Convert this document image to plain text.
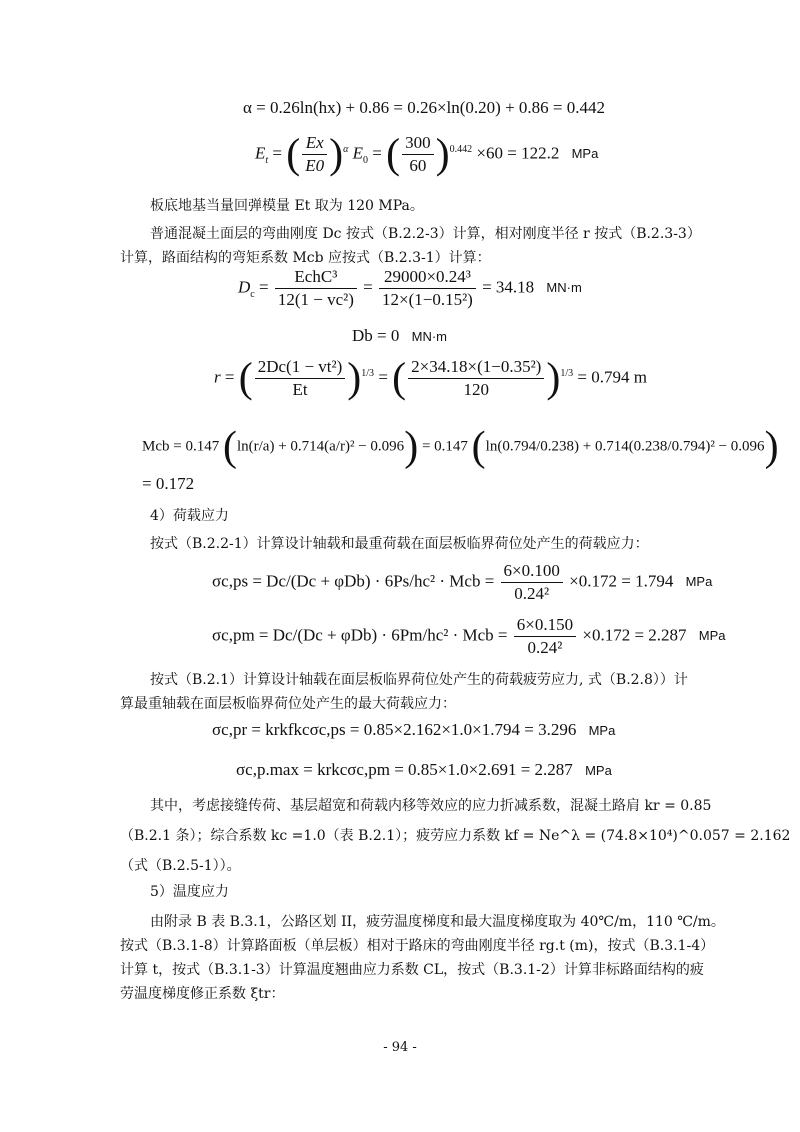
α = 0.26ln(hx) + 0.86 = 0.26×ln(0.20) + 0.86 = 0.442
$E_t$ = ( $\frac{Ex}{E0} )^\alpha$ $E_0$ = ( $\frac{300}{60} )^{0.442} \times 60 = 122.2$ MPa
板底地基当量回弹模量 Et 取为 120 MPa。
普通混凝土面层的弯曲刚度 Dc 按式（B.2.2-3）计算，相对刚度半径 r 按式（B.2.3-3）
计算，路面结构的弯矩系数 Mcb 应按式（B.2.3-1）计算：
$D_c = \frac{\text{EchC³}}{\text{12(1 − vc²)}} = \frac{\text{29000×0.24³}}{\text{12×(1−0.15²)}} = 34.18$ MN·m
Db = 0 MN·m
r = ( $\frac{\text{2Dc(1 − vt²)}}{Et} )^{1/3}$ = ( $\frac{\text{2×34.18×(1−0.35²)}}{120} )^{1/3} = 0.794$ m
Mcb = 0.147 (ln(r/a) + 0.714(a/r)² − 0.096) = 0.147 (ln(0.794/0.238) + 0.714(0.238/0.794)² − 0.096)
= 0.172
4）荷载应力
按式（B.2.2-1）计算设计轴载和最重荷载在面层板临界荷位处产生的荷载应力：
σc,ps = Dc/(Dc + φDb) · 6Ps/hc² · Mcb = $\frac{6\times 0.100}{\text{0.24²}} \times 0.172 = 1.794$ MPa
σc,pm = Dc/(Dc + φDb) · 6Pm/hc² · Mcb = $\frac{6\times 0.150}{\text{0.24²}} \times 0.172 = 2.287$ MPa
按式（B.2.1）计算设计轴载在面层板临界荷位处产生的荷载疲劳应力, 式（B.2.8））计
算最重轴载在面层板临界荷位处产生的最大荷载应力：
σc,pr = krkfkcσc,ps = 0.85×2.162×1.0×1.794 = 3.296 MPa
σc,p.max = krkcσc,pm = 0.85×1.0×2.691 = 2.287 MPa
其中，考虑接缝传荷、基层超宽和荷载内移等效应的应力折减系数，混凝土路肩 kr = 0.85
（B.2.1 条）；综合系数 kc =1.0（表 B.2.1）；疲劳应力系数 kf = Ne^λ = (74.8×10⁴)^0.057 = 2.162
（式（B.2.5-1））。
5）温度应力
由附录 B 表 B.3.1，公路区划 II，疲劳温度梯度和最大温度梯度取为 40℃/m，110 ℃/m。
按式（B.3.1-8）计算路面板（单层板）相对于路床的弯曲刚度半径 rg.t (m)，按式（B.3.1-4）
计算 t，按式（B.3.1-3）计算温度翘曲应力系数 CL，按式（B.3.1-2）计算非标路面结构的疲
劳温度梯度修正系数 ξtr：
- 94 -
